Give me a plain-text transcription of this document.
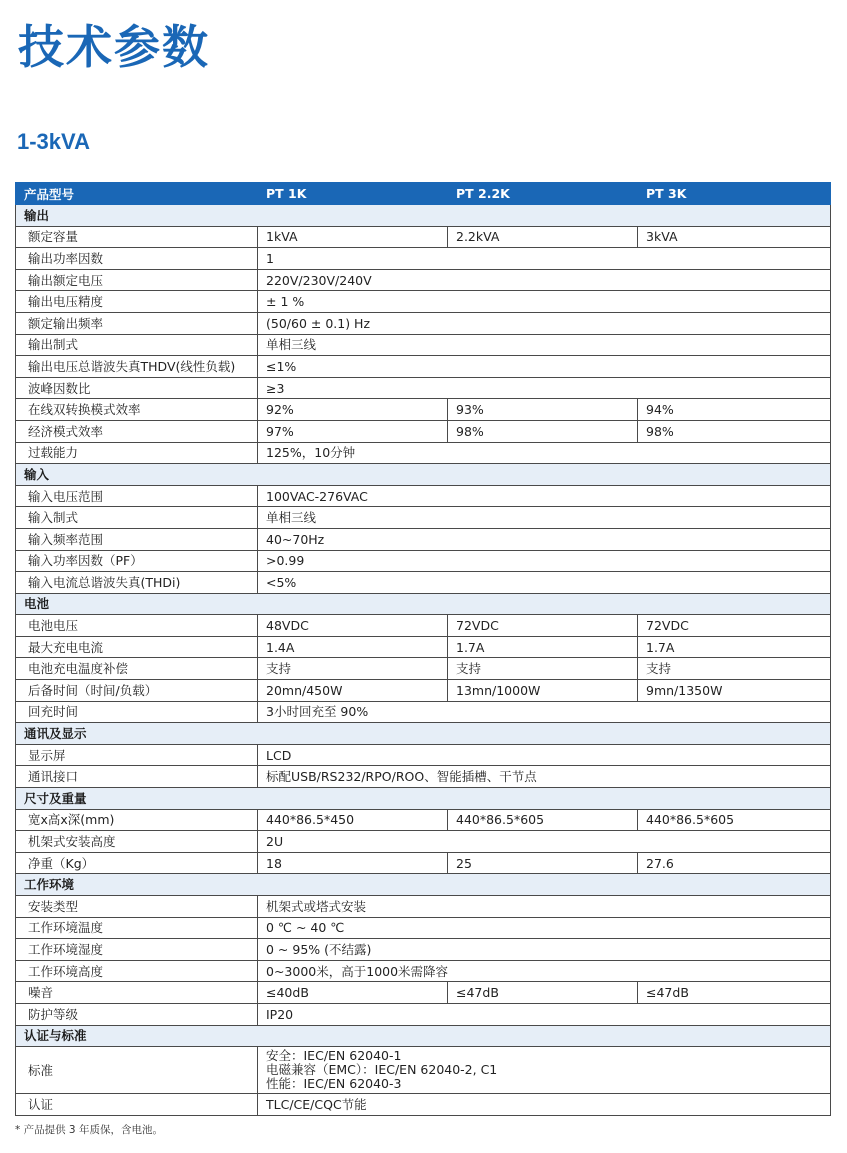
技术参数
1-3kVA
产品型号	PT 1K	PT 2.2K	PT 3K
输出			
额定容量	1kVA	2.2kVA	3kVA
输出功率因数	1		
输出额定电压	220V/230V/240V		
输出电压精度	± 1 %		
额定输出频率	(50/60 ± 0.1) Hz		
输出制式	单相三线		
输出电压总谐波失真THDV(线性负载)	≤1%		
波峰因数比	≥3		
在线双转换模式效率	92%	93%	94%
经济模式效率	97%	98%	98%
过载能力	125%，10分钟		
输入			
输入电压范围	100VAC-276VAC		
输入制式	单相三线		
输入频率范围	40~70Hz		
输入功率因数（PF）	>0.99		
输入电流总谐波失真(THDi)	<5%		
电池			
电池电压	48VDC	72VDC	72VDC
最大充电电流	1.4A	1.7A	1.7A
电池充电温度补偿	支持	支持	支持
后备时间（时间/负载）	20mn/450W	13mn/1000W	9mn/1350W
回充时间	3小时回充至 90%		
通讯及显示			
显示屏	LCD		
通讯接口	标配USB/RS232/RPO/ROO、智能插槽、干节点		
尺寸及重量			
宽x高x深(mm)	440*86.5*450	440*86.5*605	440*86.5*605
机架式安装高度	2U		
净重（Kg）	18	25	27.6
工作环境			
安装类型	机架式或塔式安装		
工作环境温度	0 ℃ ~ 40 ℃		
工作环境湿度	0 ~ 95% (不结露)		
工作环境高度	0~3000米，高于1000米需降容		
噪音	≤40dB	≤47dB	≤47dB
防护等级	IP20		
认证与标准			
标准	安全：IEC/EN 62040-1
电磁兼容（EMC）：IEC/EN 62040-2, C1
性能：IEC/EN 62040-3		

认证	TLC/CE/CQC节能		

* 产品提供 3 年质保，含电池。
